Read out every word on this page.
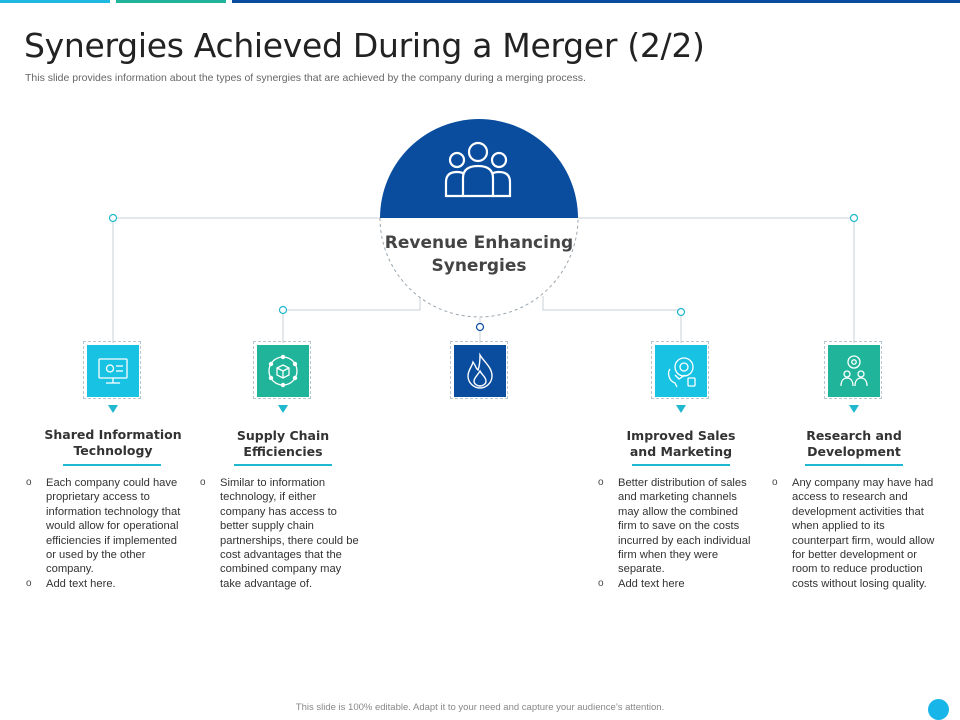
Synergies Achieved During a Merger (2/2)
This slide provides information about the types of synergies that are achieved by the company during a merging process.
Revenue Enhancing
Synergies
Shared Information
Technology
o Each company could have proprietary access to information technology that would allow for operational efficiencies if implemented or used by the other company.
o Add text here.
Supply Chain
Efficiencies
o Similar to information technology, if either company has access to better supply chain partnerships, there could be cost advantages that the combined company may take advantage of.
Improved Sales
and Marketing
o Better distribution of sales and marketing channels may allow the combined firm to save on the costs incurred by each individual firm when they were separate.
o Add text here
Research and
Development
o Any company may have had access to research and development activities that when applied to its counterpart firm, would allow for better development or room to reduce production costs without losing quality.
This slide is 100% editable. Adapt it to your need and capture your audience’s attention.
